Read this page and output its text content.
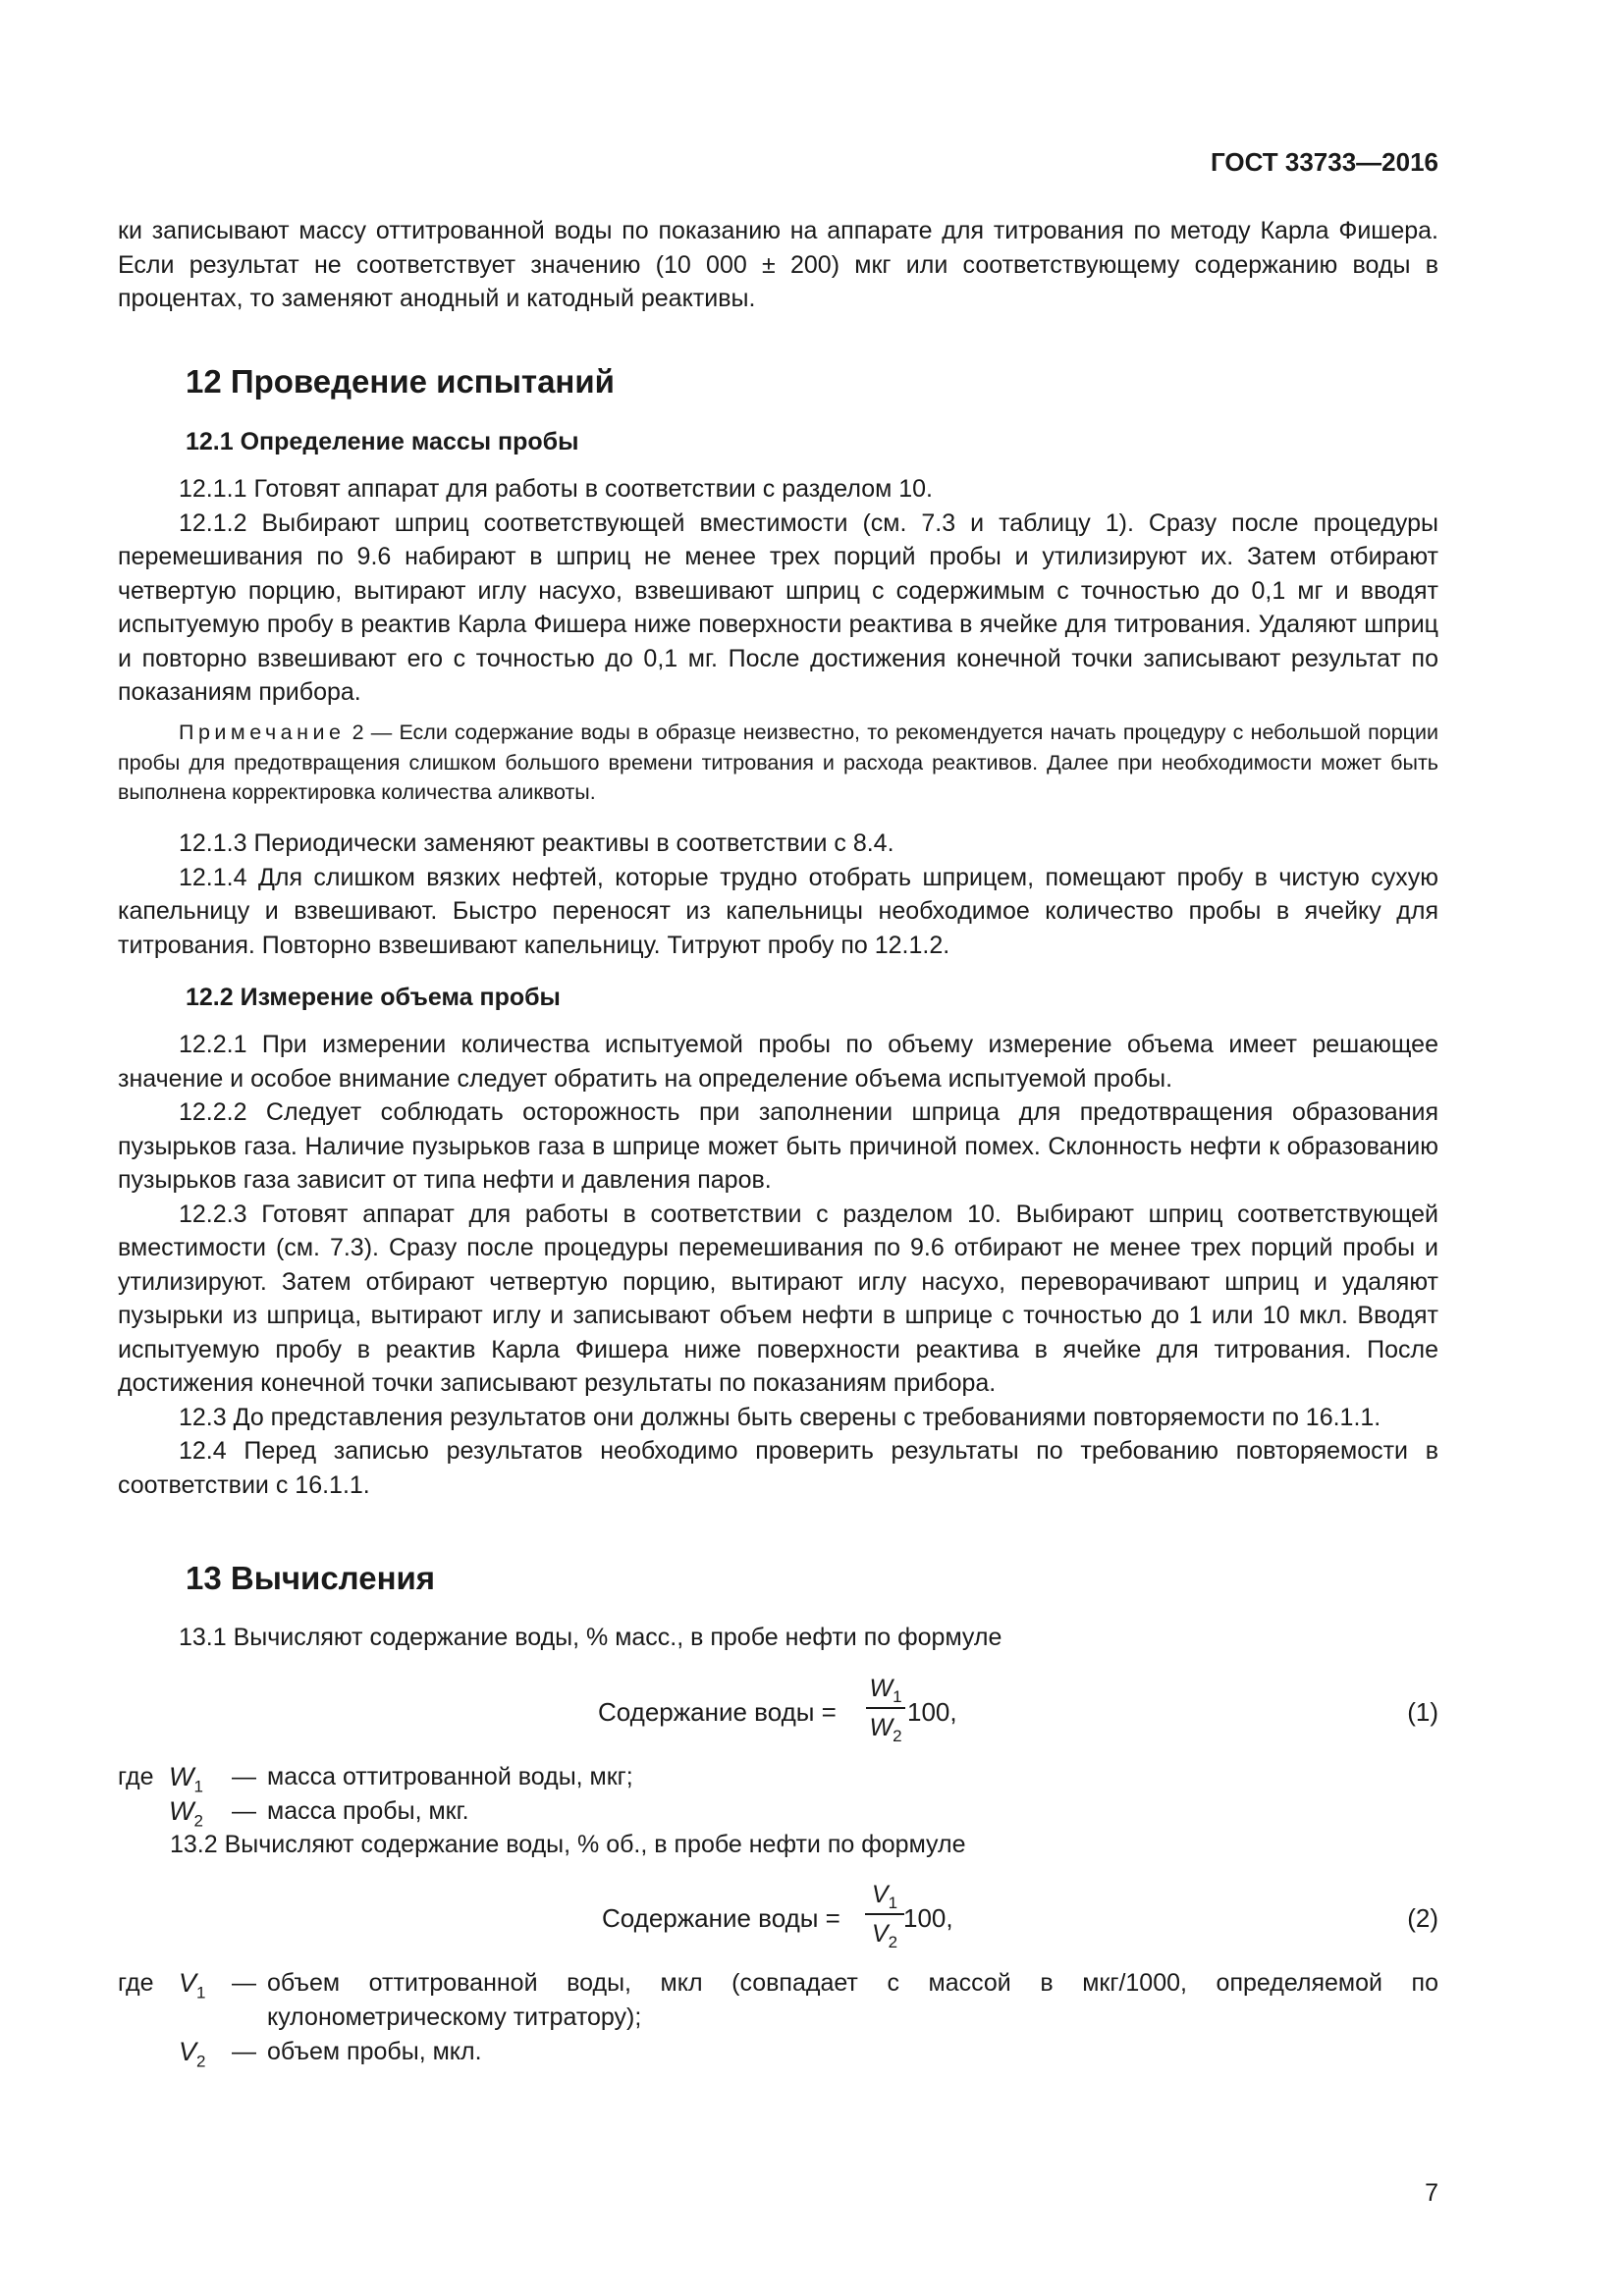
ГОСТ 33733—2016

ки записывают массу оттитрованной воды по показанию на аппарате для титрования по методу Карла Фишера. Если результат не соответствует значению (10 000 ± 200) мкг или соответствующему содержанию воды в процентах, то заменяют анодный и катодный реактивы.

12 Проведение испытаний
12.1 Определение массы пробы

12.1.1 Готовят аппарат для работы в соответствии с разделом 10.

12.1.2 Выбирают шприц соответствующей вместимости (см. 7.3 и таблицу 1). Сразу после процедуры перемешивания по 9.6 набирают в шприц не менее трех порций пробы и утилизируют их. Затем отбирают четвертую порцию, вытирают иглу насухо, взвешивают шприц с содержимым с точностью до 0,1 мг и вводят испытуемую пробу в реактив Карла Фишера ниже поверхности реактива в ячейке для титрования. Удаляют шприц и повторно взвешивают его с точностью до 0,1 мг. После достижения конечной точки записывают результат по показаниям прибора.

Примечание 2 — Если содержание воды в образце неизвестно, то рекомендуется начать процедуру с небольшой порции пробы для предотвращения слишком большого времени титрования и расхода реактивов. Далее при необходимости может быть выполнена корректировка количества аликвоты.

12.1.3 Периодически заменяют реактивы в соответствии с 8.4.

12.1.4 Для слишком вязких нефтей, которые трудно отобрать шприцем, помещают пробу в чистую сухую капельницу и взвешивают. Быстро переносят из капельницы необходимое количество пробы в ячейку для титрования. Повторно взвешивают капельницу. Титруют пробу по 12.1.2.

12.2 Измерение объема пробы

12.2.1 При измерении количества испытуемой пробы по объему измерение объема имеет решающее значение и особое внимание следует обратить на определение объема испытуемой пробы.

12.2.2 Следует соблюдать осторожность при заполнении шприца для предотвращения образования пузырьков газа. Наличие пузырьков газа в шприце может быть причиной помех. Склонность нефти к образованию пузырьков газа зависит от типа нефти и давления паров.

12.2.3 Готовят аппарат для работы в соответствии с разделом 10. Выбирают шприц соответствующей вместимости (см. 7.3). Сразу после процедуры перемешивания по 9.6 отбирают не менее трех порций пробы и утилизируют. Затем отбирают четвертую порцию, вытирают иглу насухо, переворачивают шприц и удаляют пузырьки из шприца, вытирают иглу и записывают объем нефти в шприце с точностью до 1 или 10 мкл. Вводят испытуемую пробу в реактив Карла Фишера ниже поверхности реактива в ячейке для титрования. После достижения конечной точки записывают результаты по показаниям прибора.

12.3 До представления результатов они должны быть сверены с требованиями повторяемости по 16.1.1.

12.4 Перед записью результатов необходимо проверить результаты по требованию повторяемости в соответствии с 16.1.1.

13 Вычисления

13.1 Вычисляют содержание воды, % масс., в пробе нефти по формуле

Содержание воды =
$W_1$
$W_2$
100,	(1)
где $W_1$ — масса оттитрованной воды, мкг;
$W_2$ — масса пробы, мкг.

13.2 Вычисляют содержание воды, % об., в пробе нефти по формуле

Содержание воды =
$V_1$
$V_2$
100,	(2)
где $V_1$ — объем оттитрованной воды, мкл (совпадает с массой в мкг/1000, определяемой по кулонометрическому титратору);
$V_2$ — объем пробы, мкл.
7
